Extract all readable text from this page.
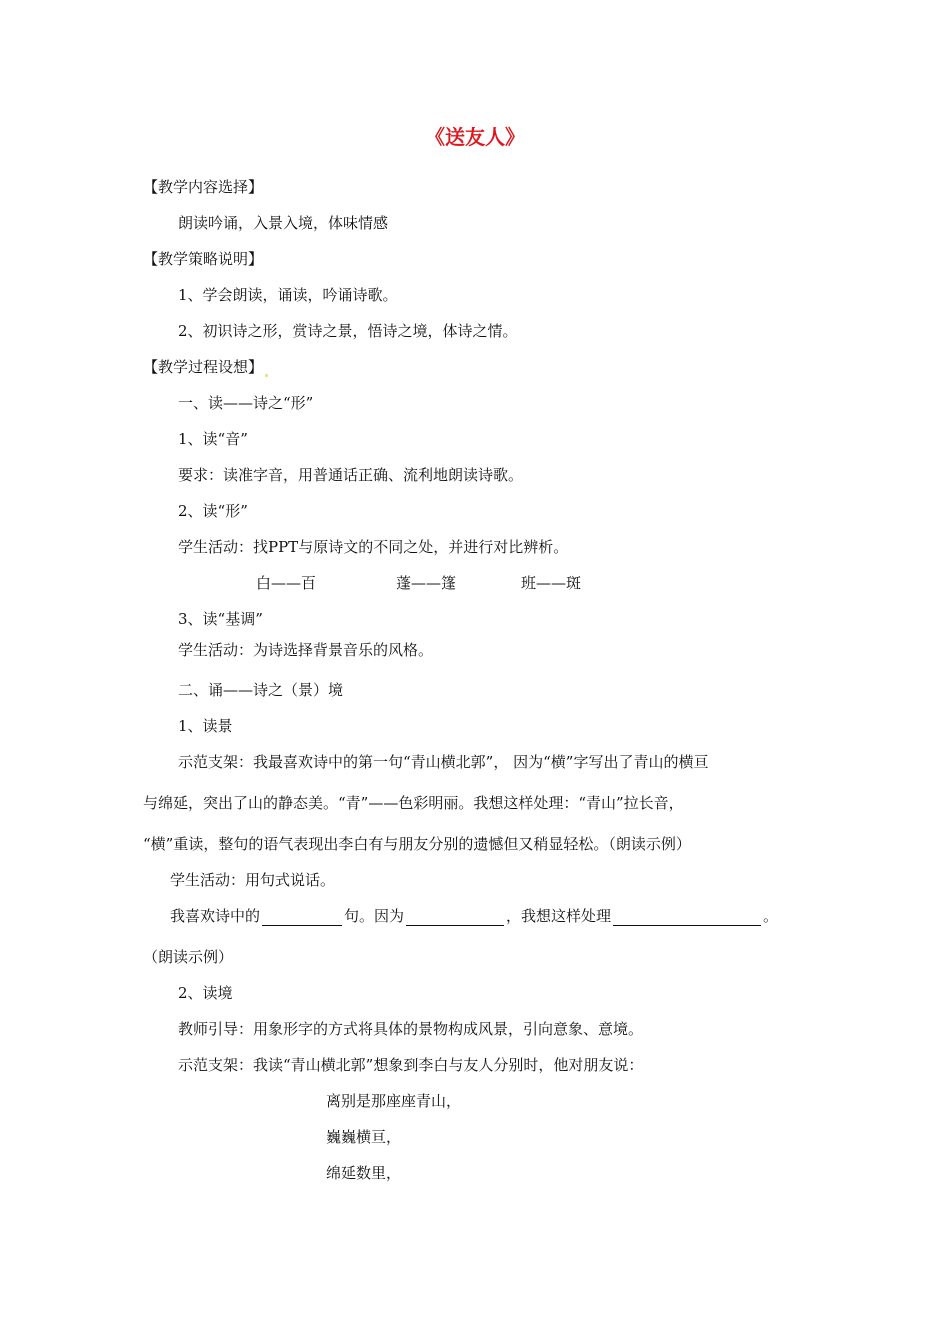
《送友人》
【教学内容选择】
朗读吟诵，入景入境，体味情感
【教学策略说明】
1、学会朗读，诵读，吟诵诗歌。
2、初识诗之形，赏诗之景，悟诗之境，体诗之情。
【教学过程设想】
一、读——诗之“形”
1、读“音”
要求：读准字音，用普通话正确、流利地朗读诗歌。
2、读“形”
学生活动：找PPT与原诗文的不同之处，并进行对比辨析。
白——百	蓬——篷	班——斑
3、读“基调”
学生活动：为诗选择背景音乐的风格。
二、诵——诗之（景）境
1、读景
示范支架：我最喜欢诗中的第一句“青山横北郭”， 因为“横”字写出了青山的横亘
与绵延，突出了山的静态美。“青”——色彩明丽。我想这样处理：“青山”拉长音，
“横”重读，整句的语气表现出李白有与朋友分别的遗憾但又稍显轻松。（朗读示例）
学生活动：用句式说话。
我喜欢诗中的	句。因为	，我想这样处理	。
（朗读示例）
2、读境
教师引导：用象形字的方式将具体的景物构成风景，引向意象、意境。
示范支架：我读“青山横北郭”想象到李白与友人分别时，他对朋友说：
离别是那座座青山，
巍巍横亘，
绵延数里，
